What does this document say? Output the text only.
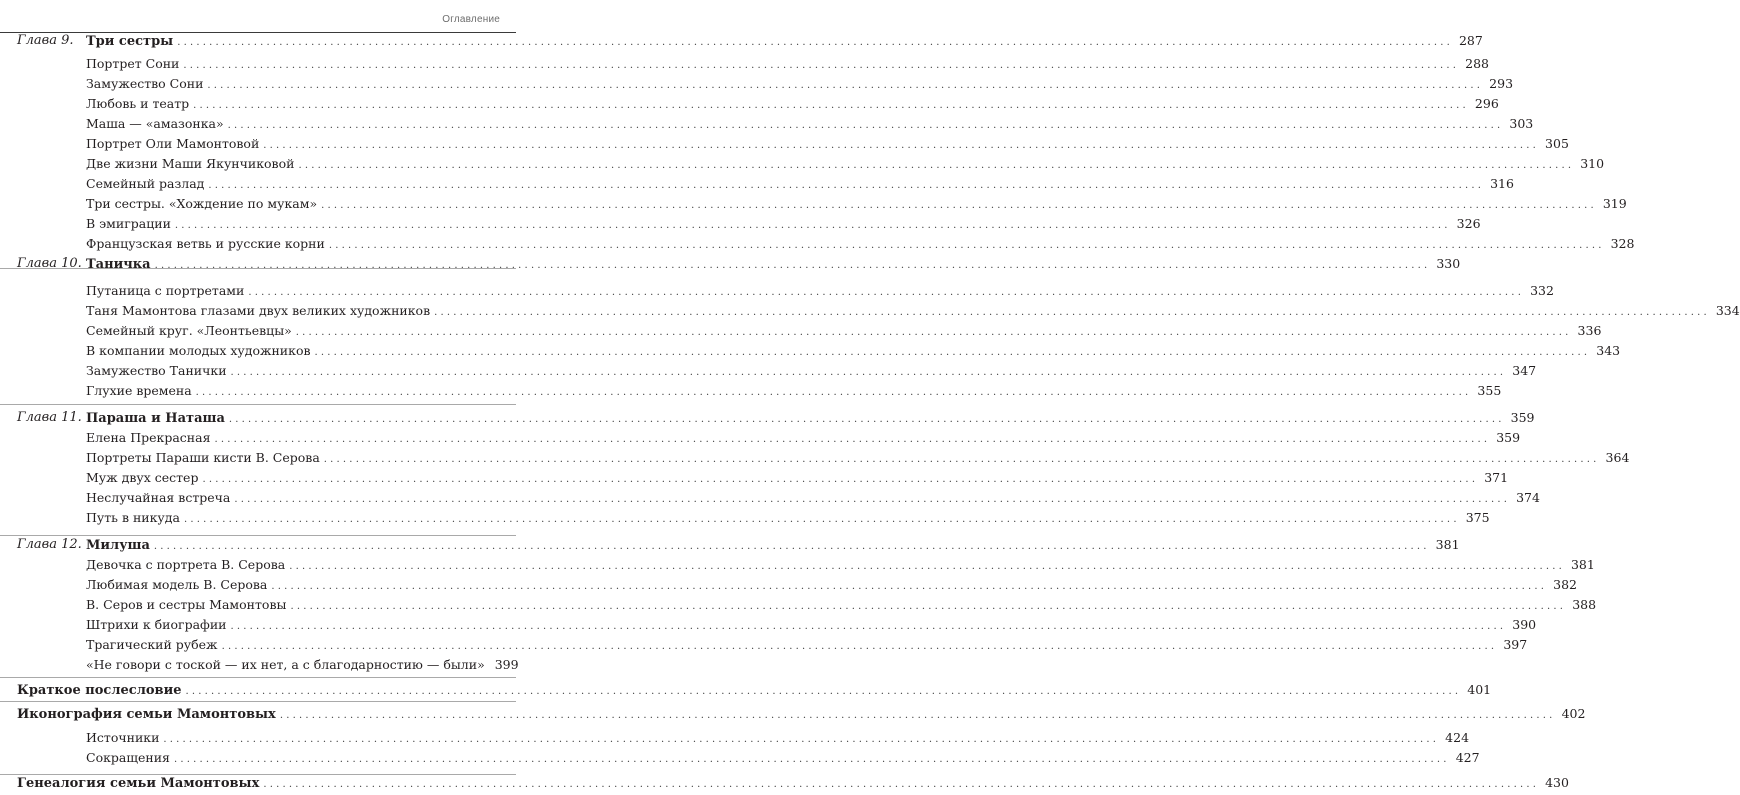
Оглавление
Глава 9. Три сестры ........................................................................................................................................................................................................ 287
Портрет Сони ........................................................................................................................................................................................................ 288
Замужество Сони ........................................................................................................................................................................................................ 293
Любовь и театр ........................................................................................................................................................................................................ 296
Маша — «амазонка» ........................................................................................................................................................................................................ 303
Портрет Оли Мамонтовой ........................................................................................................................................................................................................ 305
Две жизни Маши Якунчиковой ........................................................................................................................................................................................................ 310
Семейный разлад ........................................................................................................................................................................................................ 316
Три сестры. «Хождение по мукам» ........................................................................................................................................................................................................ 319
В эмиграции ........................................................................................................................................................................................................ 326
Французская ветвь и русские корни ........................................................................................................................................................................................................ 328
Глава 10. Таничка ........................................................................................................................................................................................................ 330
Путаница с портретами ........................................................................................................................................................................................................ 332
Таня Мамонтова глазами двух великих художников ........................................................................................................................................................................................................ 334
Семейный круг. «Леонтьевцы» ........................................................................................................................................................................................................ 336
В компании молодых художников ........................................................................................................................................................................................................ 343
Замужество Танички ........................................................................................................................................................................................................ 347
Глухие времена ........................................................................................................................................................................................................ 355
Глава 11. Параша и Наташа ........................................................................................................................................................................................................ 359
Елена Прекрасная ........................................................................................................................................................................................................ 359
Портреты Параши кисти В. Серова ........................................................................................................................................................................................................ 364
Муж двух сестер ........................................................................................................................................................................................................ 371
Неслучайная встреча ........................................................................................................................................................................................................ 374
Путь в никуда ........................................................................................................................................................................................................ 375
Глава 12. Милуша ........................................................................................................................................................................................................ 381
Девочка с портрета В. Серова ........................................................................................................................................................................................................ 381
Любимая модель В. Серова ........................................................................................................................................................................................................ 382
В. Серов и сестры Мамонтовы ........................................................................................................................................................................................................ 388
Штрихи к биографии ........................................................................................................................................................................................................ 390
Трагический рубеж ........................................................................................................................................................................................................ 397
«Не говори с тоской — их нет, а с благодарностию — были» 399
Краткое послесловие ........................................................................................................................................................................................................ 401
Иконография семьи Мамонтовых ........................................................................................................................................................................................................ 402
Источники ........................................................................................................................................................................................................ 424
Сокращения ........................................................................................................................................................................................................ 427
Генеалогия семьи Мамонтовых ........................................................................................................................................................................................................ 430
